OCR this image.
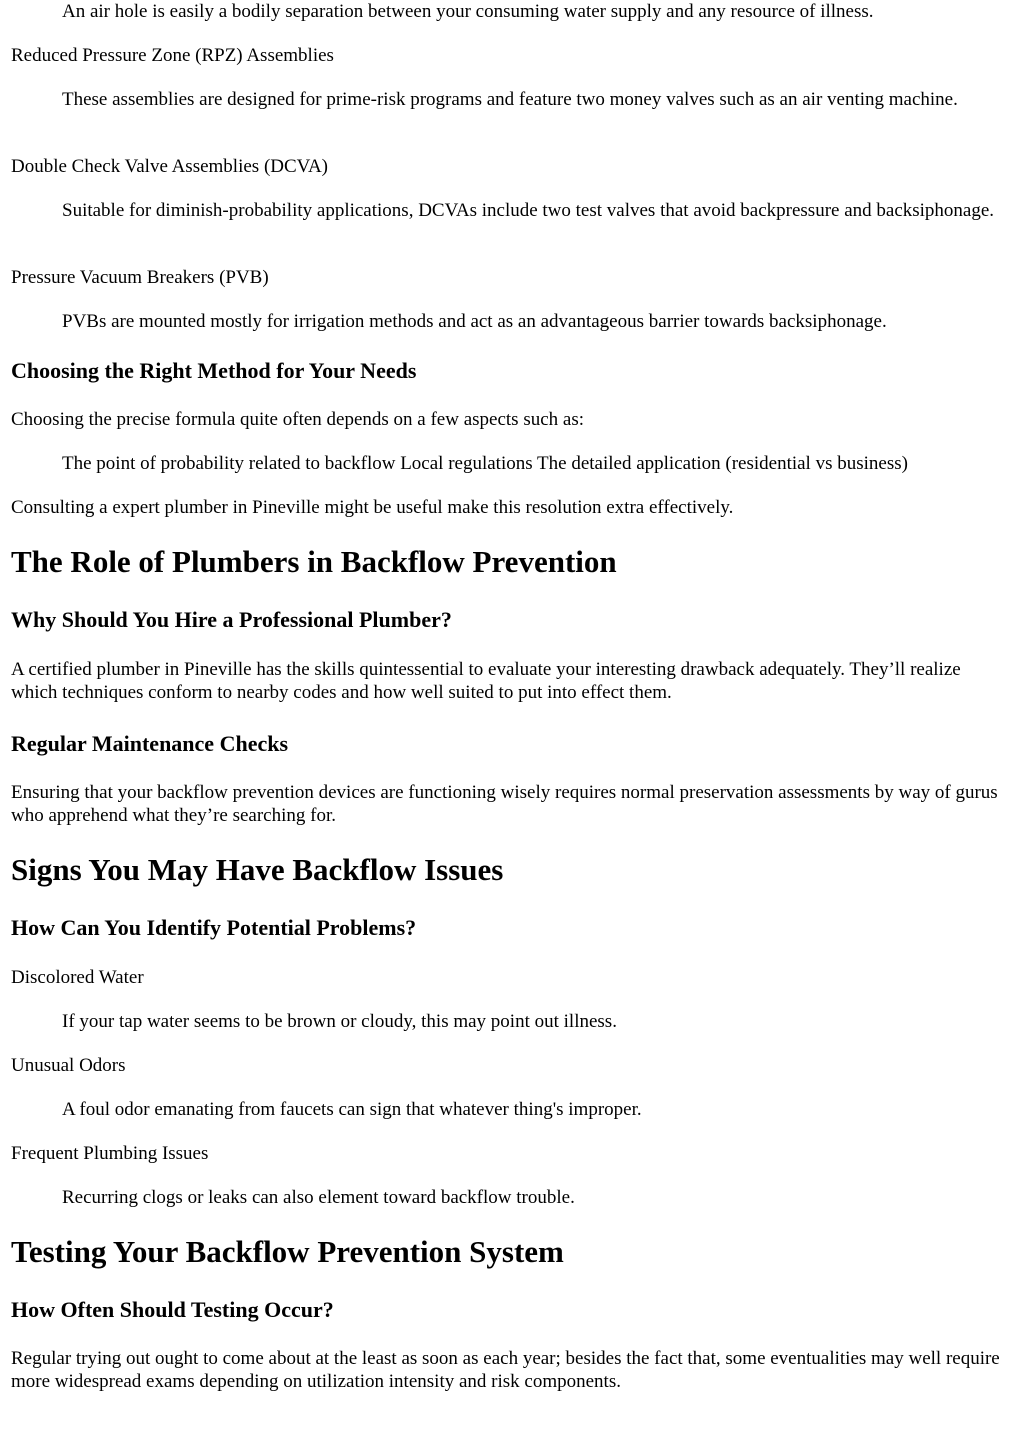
An air hole is easily a bodily separation between your consuming water supply and any resource of illness.

Reduced Pressure Zone (RPZ) Assemblies

These assemblies are designed for prime-risk programs and feature two money valves such as an air venting machine.

Double Check Valve Assemblies (DCVA)

Suitable for diminish-probability applications, DCVAs include two test valves that avoid backpressure and backsiphonage.

Pressure Vacuum Breakers (PVB)

PVBs are mounted mostly for irrigation methods and act as an advantageous barrier towards backsiphonage.

Choosing the Right Method for Your Needs

Choosing the precise formula quite often depends on a few aspects such as:

The point of probability related to backflow Local regulations The detailed application (residential vs business)

Consulting a expert plumber in Pineville might be useful make this resolution extra effectively.

The Role of Plumbers in Backflow Prevention
Why Should You Hire a Professional Plumber?

A certified plumber in Pineville has the skills quintessential to evaluate your interesting drawback adequately. They’ll realize which techniques conform to nearby codes and how well suited to put into effect them.

Regular Maintenance Checks

Ensuring that your backflow prevention devices are functioning wisely requires normal preservation assessments by way of gurus who apprehend what they’re searching for.

Signs You May Have Backflow Issues
How Can You Identify Potential Problems?

Discolored Water

If your tap water seems to be brown or cloudy, this may point out illness.

Unusual Odors

A foul odor emanating from faucets can sign that whatever thing's improper.

Frequent Plumbing Issues

Recurring clogs or leaks can also element toward backflow trouble.

Testing Your Backflow Prevention System
How Often Should Testing Occur?

Regular trying out ought to come about at the least as soon as each year; besides the fact that, some eventualities may well require more widespread exams depending on utilization intensity and risk components.
